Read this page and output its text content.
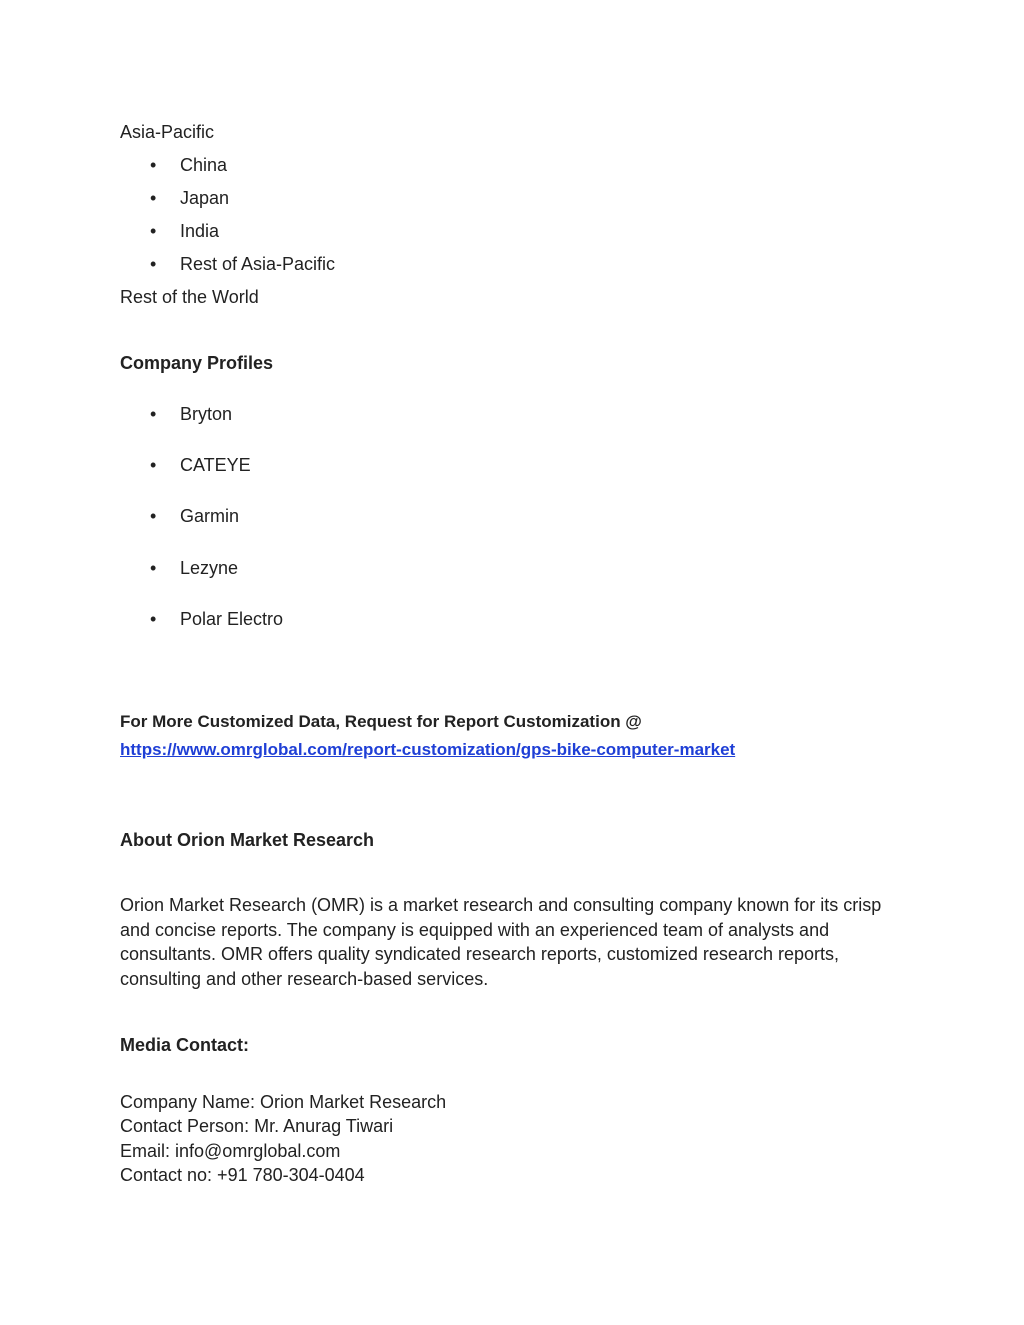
Asia-Pacific
• China
• Japan
• India
• Rest of Asia-Pacific
Rest of the World
Company Profiles
• Bryton
• CATEYE
• Garmin
• Lezyne
• Polar Electro
For More Customized Data, Request for Report Customization @
https://www.omrglobal.com/report-customization/gps-bike-computer-market
About Orion Market Research
Orion Market Research (OMR) is a market research and consulting company known for its crisp and concise reports. The company is equipped with an experienced team of analysts and consultants. OMR offers quality syndicated research reports, customized research reports, consulting and other research-based services.
Media Contact:
Company Name: Orion Market Research
Contact Person: Mr. Anurag Tiwari
Email: info@omrglobal.com
Contact no: +91 780-304-0404
